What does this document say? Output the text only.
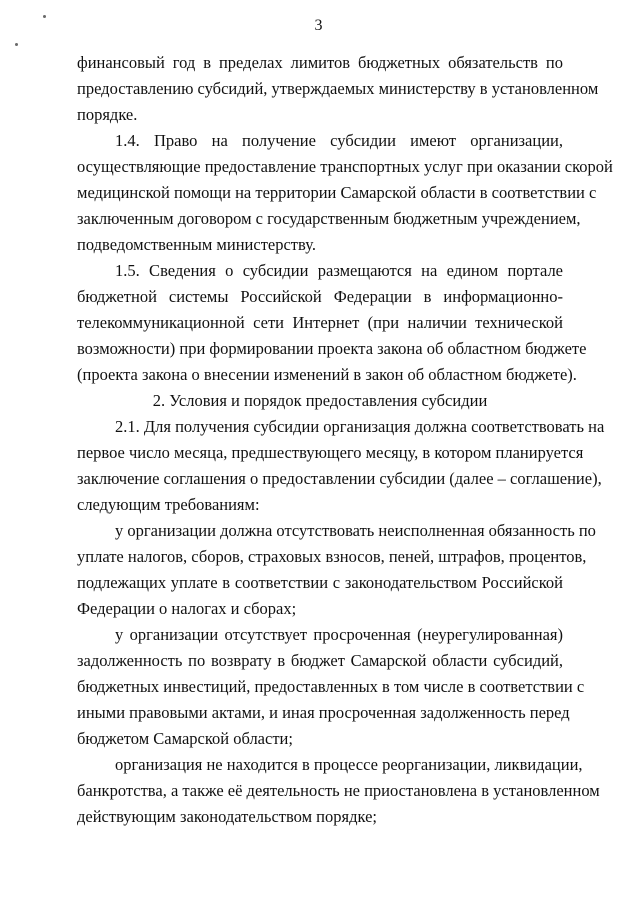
3
финансовый год в пределах лимитов бюджетных обязательств по
предоставлению субсидий, утверждаемых министерству в установленном
порядке.
1.4. Право на получение субсидии имеют организации,
осуществляющие предоставление транспортных услуг при оказании скорой
медицинской помощи на территории Самарской области в соответствии с
заключенным договором с государственным бюджетным учреждением,
подведомственным министерству.
1.5. Сведения о субсидии размещаются на едином портале
бюджетной системы Российской Федерации в информационно-
телекоммуникационной сети Интернет (при наличии технической
возможности) при формировании проекта закона об областном бюджете
(проекта закона о внесении изменений в закон об областном бюджете).
2. Условия и порядок предоставления субсидии
2.1. Для получения субсидии организация должна соответствовать на
первое число месяца, предшествующего месяцу, в котором планируется
заключение соглашения о предоставлении субсидии (далее – соглашение),
следующим требованиям:
у организации должна отсутствовать неисполненная обязанность по
уплате налогов, сборов, страховых взносов, пеней, штрафов, процентов,
подлежащих уплате в соответствии с законодательством Российской
Федерации о налогах и сборах;
у организации отсутствует просроченная (неурегулированная)
задолженность по возврату в бюджет Самарской области субсидий,
бюджетных инвестиций, предоставленных в том числе в соответствии с
иными правовыми актами, и иная просроченная задолженность перед
бюджетом Самарской области;
организация не находится в процессе реорганизации, ликвидации,
банкротства, а также её деятельность не приостановлена в установленном
действующим законодательством порядке;
